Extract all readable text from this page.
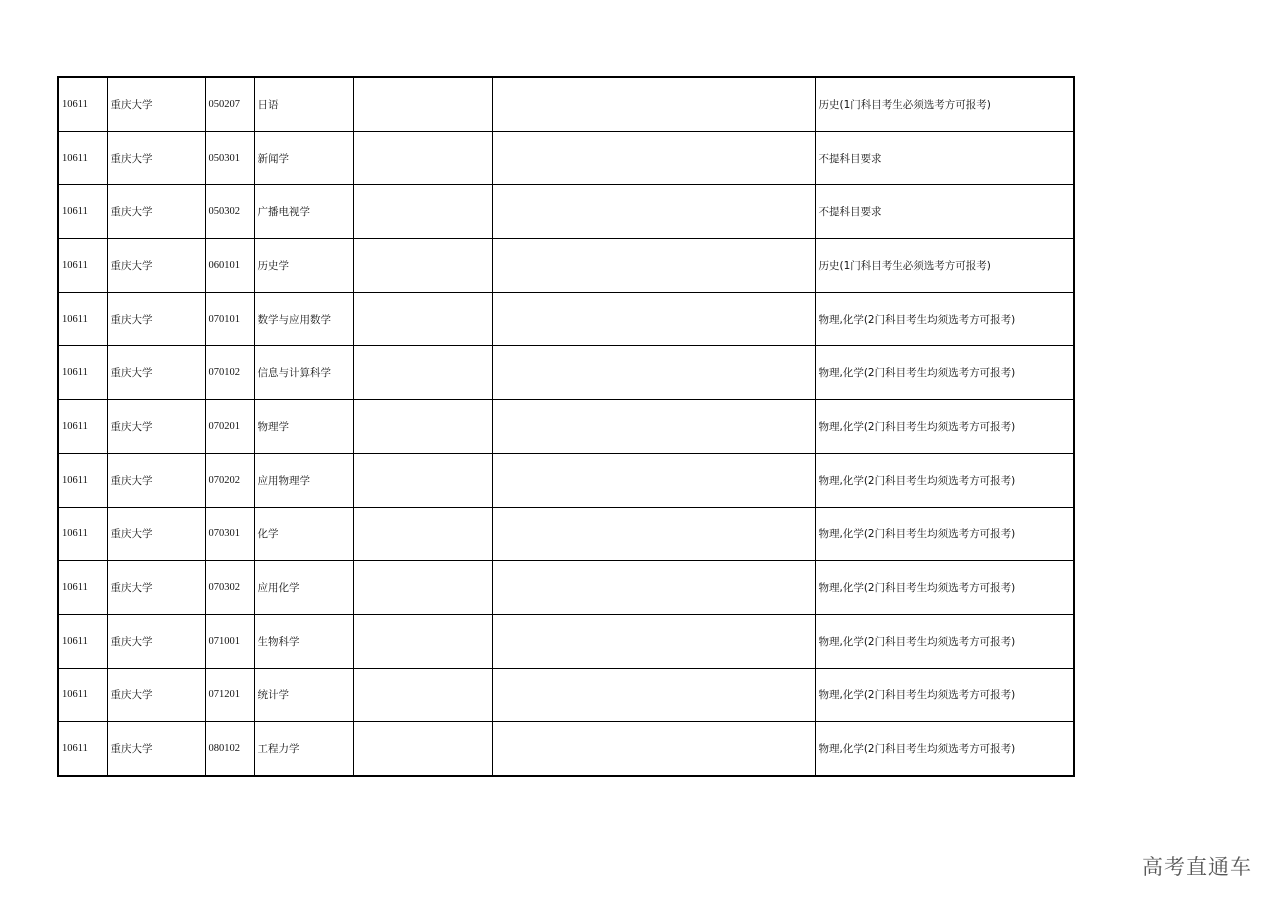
10611	重庆大学	050207	日语			历史(1门科目考生必须选考方可报考)
10611	重庆大学	050301	新闻学			不提科目要求
10611	重庆大学	050302	广播电视学			不提科目要求
10611	重庆大学	060101	历史学			历史(1门科目考生必须选考方可报考)
10611	重庆大学	070101	数学与应用数学			物理,化学(2门科目考生均须选考方可报考)
10611	重庆大学	070102	信息与计算科学			物理,化学(2门科目考生均须选考方可报考)
10611	重庆大学	070201	物理学			物理,化学(2门科目考生均须选考方可报考)
10611	重庆大学	070202	应用物理学			物理,化学(2门科目考生均须选考方可报考)
10611	重庆大学	070301	化学			物理,化学(2门科目考生均须选考方可报考)
10611	重庆大学	070302	应用化学			物理,化学(2门科目考生均须选考方可报考)
10611	重庆大学	071001	生物科学			物理,化学(2门科目考生均须选考方可报考)
10611	重庆大学	071201	统计学			物理,化学(2门科目考生均须选考方可报考)
10611	重庆大学	080102	工程力学			物理,化学(2门科目考生均须选考方可报考)
高考直通车
